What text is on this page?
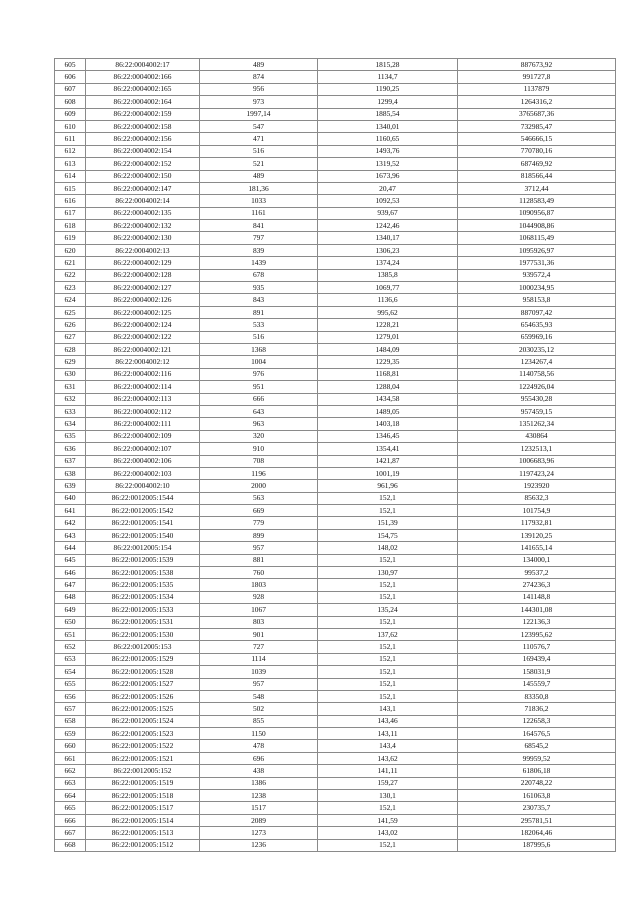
605	86:22:0004002:17	489	1815,28	887673,92
606	86:22:0004002:166	874	1134,7	991727,8
607	86:22:0004002:165	956	1190,25	1137879
608	86:22:0004002:164	973	1299,4	1264316,2
609	86:22:0004002:159	1997,14	1885,54	3765687,36
610	86:22:0004002:158	547	1340,01	732985,47
611	86:22:0004002:156	471	1160,65	546666,15
612	86:22:0004002:154	516	1493,76	770780,16
613	86:22:0004002:152	521	1319,52	687469,92
614	86:22:0004002:150	489	1673,96	818566,44
615	86:22:0004002:147	181,36	20,47	3712,44
616	86:22:0004002:14	1033	1092,53	1128583,49
617	86:22:0004002:135	1161	939,67	1090956,87
618	86:22:0004002:132	841	1242,46	1044908,86
619	86:22:0004002:130	797	1340,17	1068115,49
620	86:22:0004002:13	839	1306,23	1095926,97
621	86:22:0004002:129	1439	1374,24	1977531,36
622	86:22:0004002:128	678	1385,8	939572,4
623	86:22:0004002:127	935	1069,77	1000234,95
624	86:22:0004002:126	843	1136,6	958153,8
625	86:22:0004002:125	891	995,62	887097,42
626	86:22:0004002:124	533	1228,21	654635,93
627	86:22:0004002:122	516	1279,01	659969,16
628	86:22:0004002:121	1368	1484,09	2030235,12
629	86:22:0004002:12	1004	1229,35	1234267,4
630	86:22:0004002:116	976	1168,81	1140758,56
631	86:22:0004002:114	951	1288,04	1224926,04
632	86:22:0004002:113	666	1434,58	955430,28
633	86:22:0004002:112	643	1489,05	957459,15
634	86:22:0004002:111	963	1403,18	1351262,34
635	86:22:0004002:109	320	1346,45	430864
636	86:22:0004002:107	910	1354,41	1232513,1
637	86:22:0004002:106	708	1421,87	1006683,96
638	86:22:0004002:103	1196	1001,19	1197423,24
639	86:22:0004002:10	2000	961,96	1923920
640	86:22:0012005:1544	563	152,1	85632,3
641	86:22:0012005:1542	669	152,1	101754,9
642	86:22:0012005:1541	779	151,39	117932,81
643	86:22:0012005:1540	899	154,75	139120,25
644	86:22:0012005:154	957	148,02	141655,14
645	86:22:0012005:1539	881	152,1	134000,1
646	86:22:0012005:1538	760	130,97	99537,2
647	86:22:0012005:1535	1803	152,1	274236,3
648	86:22:0012005:1534	928	152,1	141148,8
649	86:22:0012005:1533	1067	135,24	144301,08
650	86:22:0012005:1531	803	152,1	122136,3
651	86:22:0012005:1530	901	137,62	123995,62
652	86:22:0012005:153	727	152,1	110576,7
653	86:22:0012005:1529	1114	152,1	169439,4
654	86:22:0012005:1528	1039	152,1	158031,9
655	86:22:0012005:1527	957	152,1	145559,7
656	86:22:0012005:1526	548	152,1	83350,8
657	86:22:0012005:1525	502	143,1	71836,2
658	86:22:0012005:1524	855	143,46	122658,3
659	86:22:0012005:1523	1150	143,11	164576,5
660	86:22:0012005:1522	478	143,4	68545,2
661	86:22:0012005:1521	696	143,62	99959,52
662	86:22:0012005:152	438	141,11	61806,18
663	86:22:0012005:1519	1386	159,27	220748,22
664	86:22:0012005:1518	1238	130,1	161063,8
665	86:22:0012005:1517	1517	152,1	230735,7
666	86:22:0012005:1514	2089	141,59	295781,51
667	86:22:0012005:1513	1273	143,02	182064,46
668	86:22:0012005:1512	1236	152,1	187995,6
